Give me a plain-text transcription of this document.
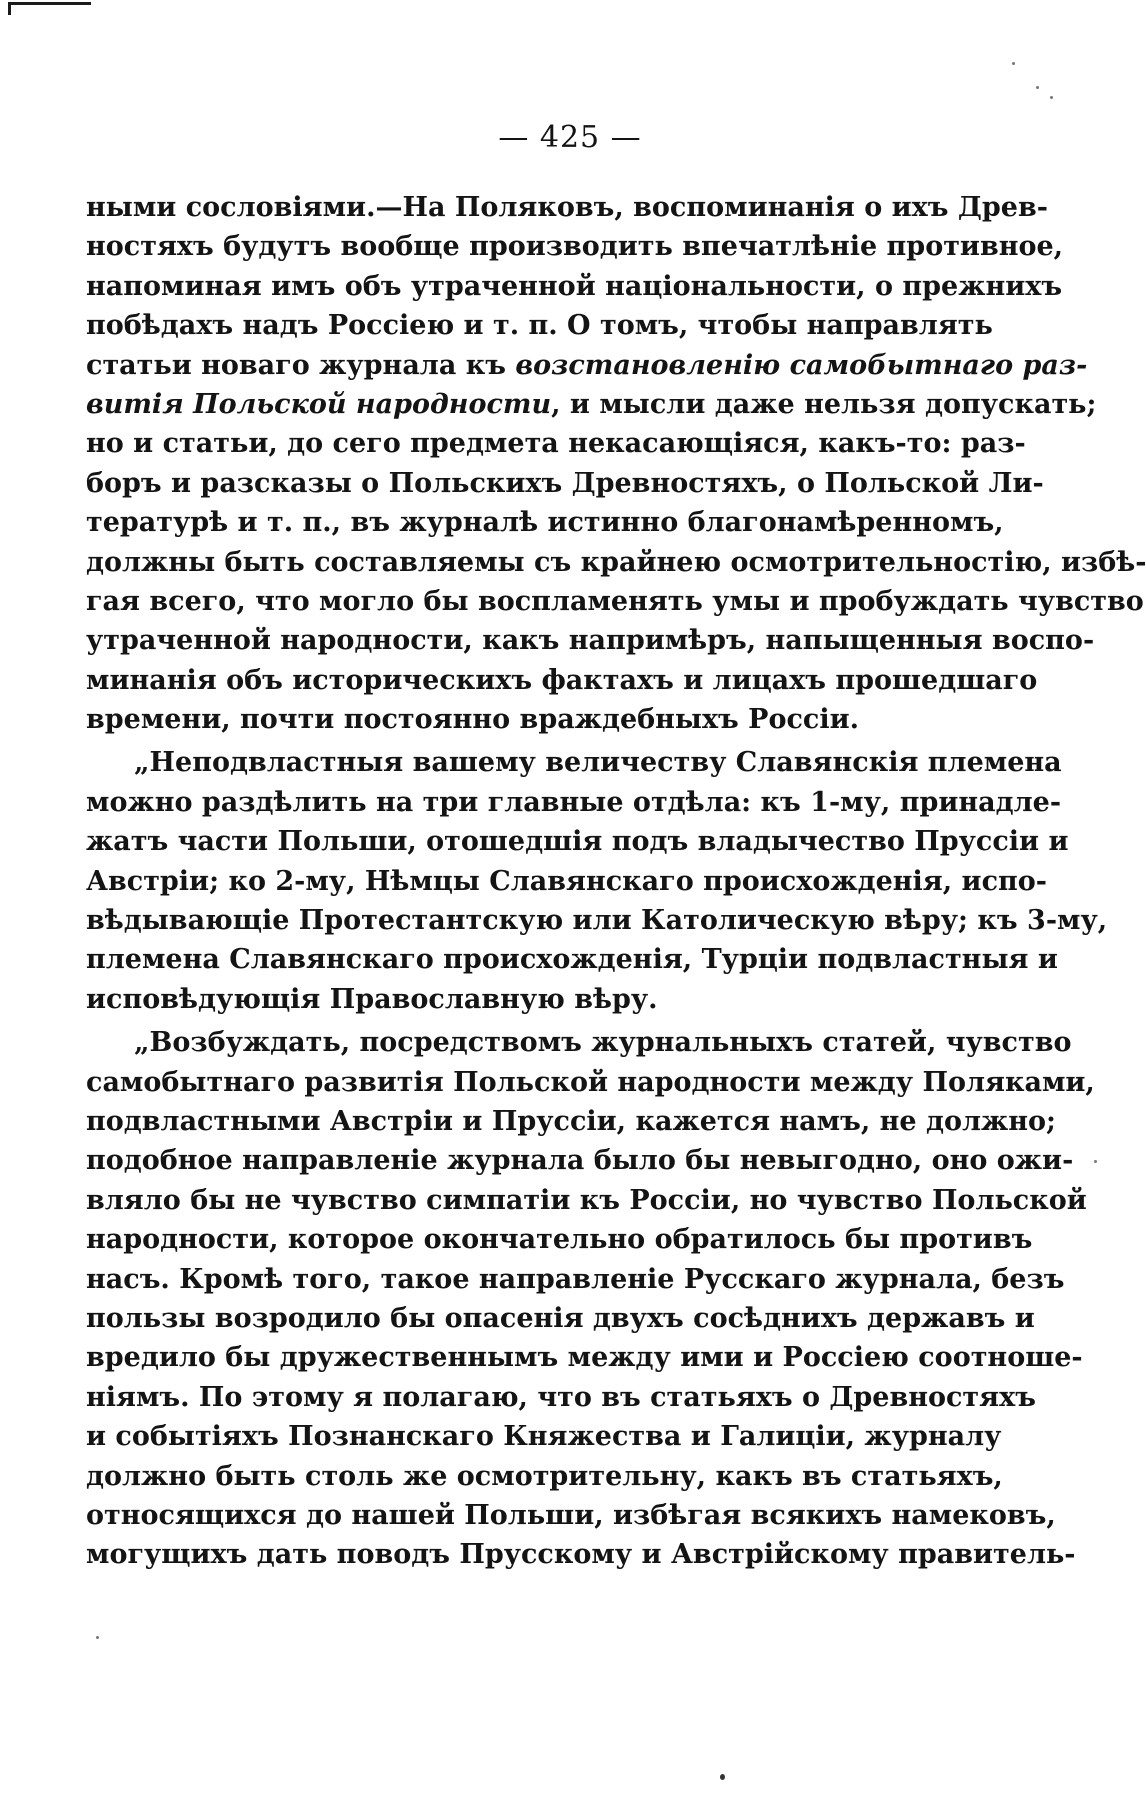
— 425 —
ными сословіями.—На Поляковъ, воспоминанія о ихъ Древ-
ностяхъ будутъ вообще производить впечатлѣніе противное,
напоминая имъ объ утраченной національности, о прежнихъ
побѣдахъ надъ Россіею и т. п. О томъ, чтобы направлять
статьи новаго журнала къ возстановленію самобытнаго раз-
витія Польской народности, и мысли даже нельзя допускать;
но и статьи, до сего предмета некасающіяся, какъ-то: раз-
боръ и разсказы о Польскихъ Древностяхъ, о Польской Ли-
тературѣ и т. п., въ журналѣ истинно благонамѣренномъ,
должны быть составляемы съ крайнею осмотрительностію, избѣ-
гая всего, что могло бы воспламенять умы и пробуждать чувство
утраченной народности, какъ напримѣръ, напыщенныя воспо-
минанія объ историческихъ фактахъ и лицахъ прошедшаго
времени, почти постоянно враждебныхъ Россіи.
„Неподвластныя вашему величеству Славянскія племена
можно раздѣлить на три главные отдѣла: къ 1-му, принадле-
жатъ части Польши, отошедшія подъ владычество Пруссіи и
Австріи; ко 2-му, Нѣмцы Славянскаго происхожденія, испо-
вѣдывающіе Протестантскую или Католическую вѣру; къ 3-му,
племена Славянскаго происхожденія, Турціи подвластныя и
исповѣдующія Православную вѣру.
„Возбуждать, посредствомъ журнальныхъ статей, чувство
самобытнаго развитія Польской народности между Поляками,
подвластными Австріи и Пруссіи, кажется намъ, не должно;
подобное направленіе журнала было бы невыгодно, оно ожи-
вляло бы не чувство симпатіи къ Россіи, но чувство Польской
народности, которое окончательно обратилось бы противъ
насъ. Кромѣ того, такое направленіе Русскаго журнала, безъ
пользы возродило бы опасенія двухъ сосѣднихъ державъ и
вредило бы дружественнымъ между ими и Россіею соотноше-
ніямъ. По этому я полагаю, что въ статьяхъ о Древностяхъ
и событіяхъ Познанскаго Княжества и Галиціи, журналу
должно быть столь же осмотрительну, какъ въ статьяхъ,
относящихся до нашей Польши, избѣгая всякихъ намековъ,
могущихъ дать поводъ Прусскому и Австрійскому правитель-
